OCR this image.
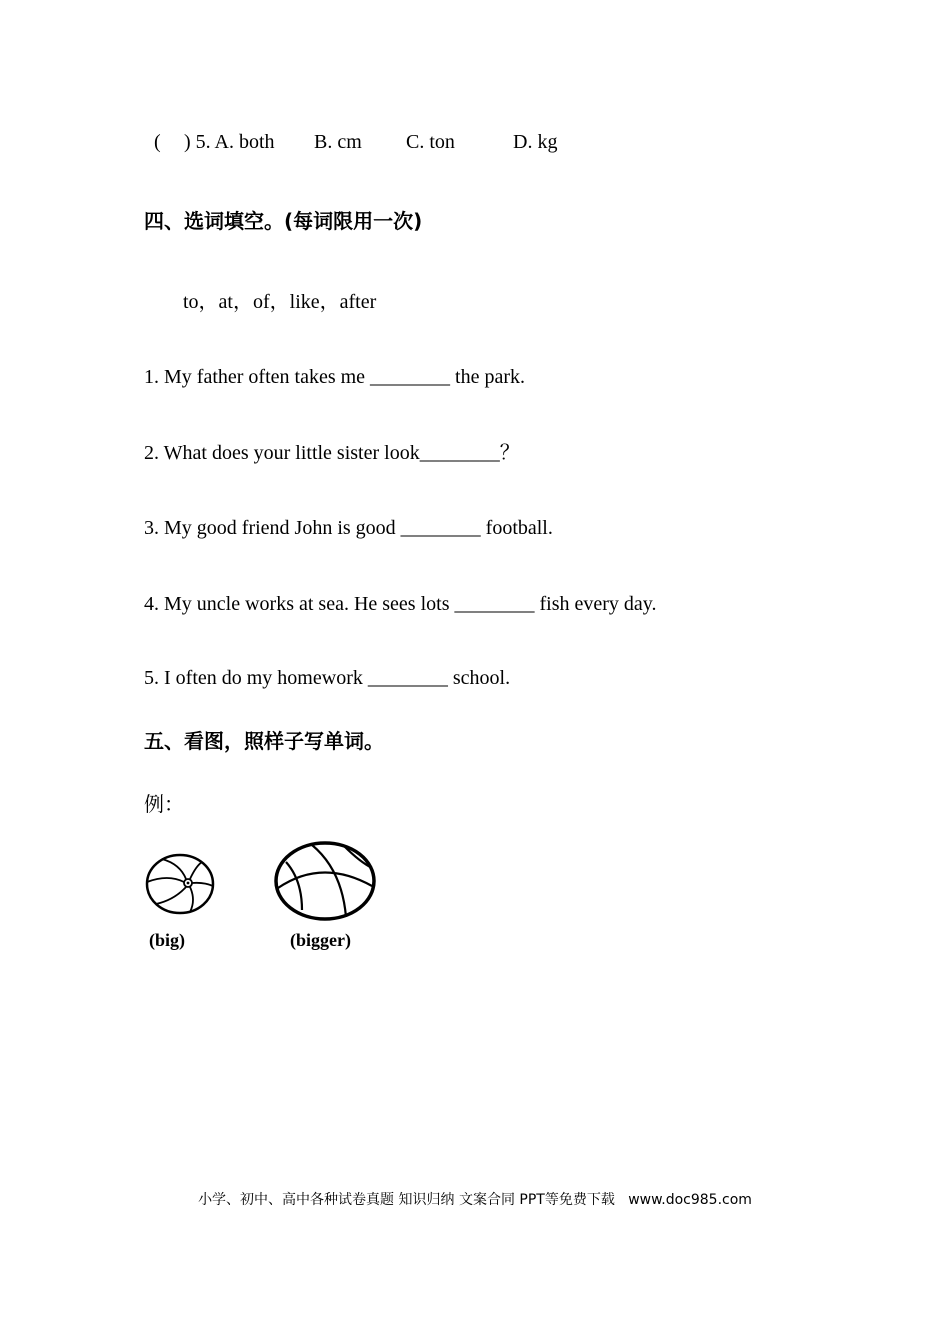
( ) 5. A. both B. cm C. ton	D. kg
四、选词填空。(每词限用一次)
to，at，of，like，after
1. My father often takes me ________ the park.
2. What does your little sister look________？
3. My good friend John is good ________ football.
4. My uncle works at sea. He sees lots ________ fish every day.
5. I often do my homework ________ school.
五、看图，照样子写单词。
例：
(big)	(bigger)
小学、初中、高中各种试卷真题 知识归纳 文案合同 PPT等免费下载   www.doc985.com
